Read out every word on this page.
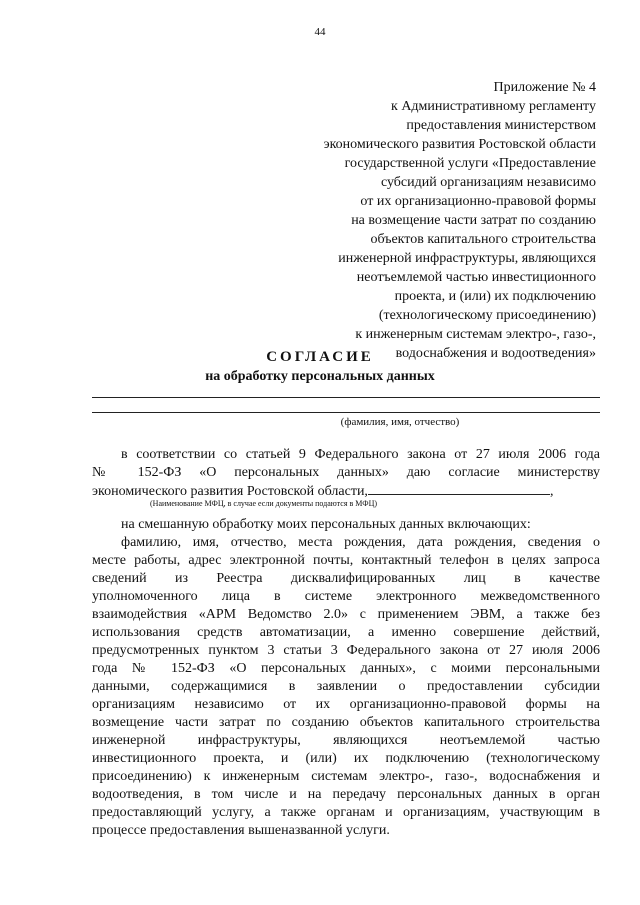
44
Приложение № 4
к Административному регламенту
предоставления министерством
экономического развития Ростовской области
государственной услуги «Предоставление
субсидий организациям независимо
от их организационно-правовой формы
на возмещение части затрат по созданию
объектов капитального строительства
инженерной инфраструктуры, являющихся
неотъемлемой частью инвестиционного
проекта, и (или) их подключению
(технологическому присоединению)
к инженерным системам электро-, газо-,
водоснабжения и водоотведения»
СОГЛАСИЕ
на обработку персональных данных
(фамилия, имя, отчество)
в соответствии со статьей 9 Федерального закона от 27 июля 2006 года
№ 152-ФЗ «О персональных данных» даю согласие министерству
экономического развития Ростовской области,	,
(Наименование МФЦ, в случае если документы подаются в МФЦ)
на смешанную обработку моих персональных данных включающих:
фамилию, имя, отчество, места рождения, дата рождения, сведения о
месте работы, адрес электронной почты, контактный телефон в целях запроса
сведений из Реестра дисквалифицированных лиц в качестве
уполномоченного лица в системе электронного межведомственного
взаимодействия «АРМ Ведомство 2.0» с применением ЭВМ, а также без
использования средств автоматизации, а именно совершение действий,
предусмотренных пунктом 3 статьи 3 Федерального закона от 27 июля 2006
года № 152-ФЗ «О персональных данных», с моими персональными
данными, содержащимися в заявлении о предоставлении субсидии
организациям независимо от их организационно-правовой формы на
возмещение части затрат по созданию объектов капитального строительства
инженерной инфраструктуры, являющихся неотъемлемой частью
инвестиционного проекта, и (или) их подключению (технологическому
присоединению) к инженерным системам электро-, газо-, водоснабжения и
водоотведения, в том числе и на передачу персональных данных в орган
предоставляющий услугу, а также органам и организациям, участвующим в
процессе предоставления вышеназванной услуги.
